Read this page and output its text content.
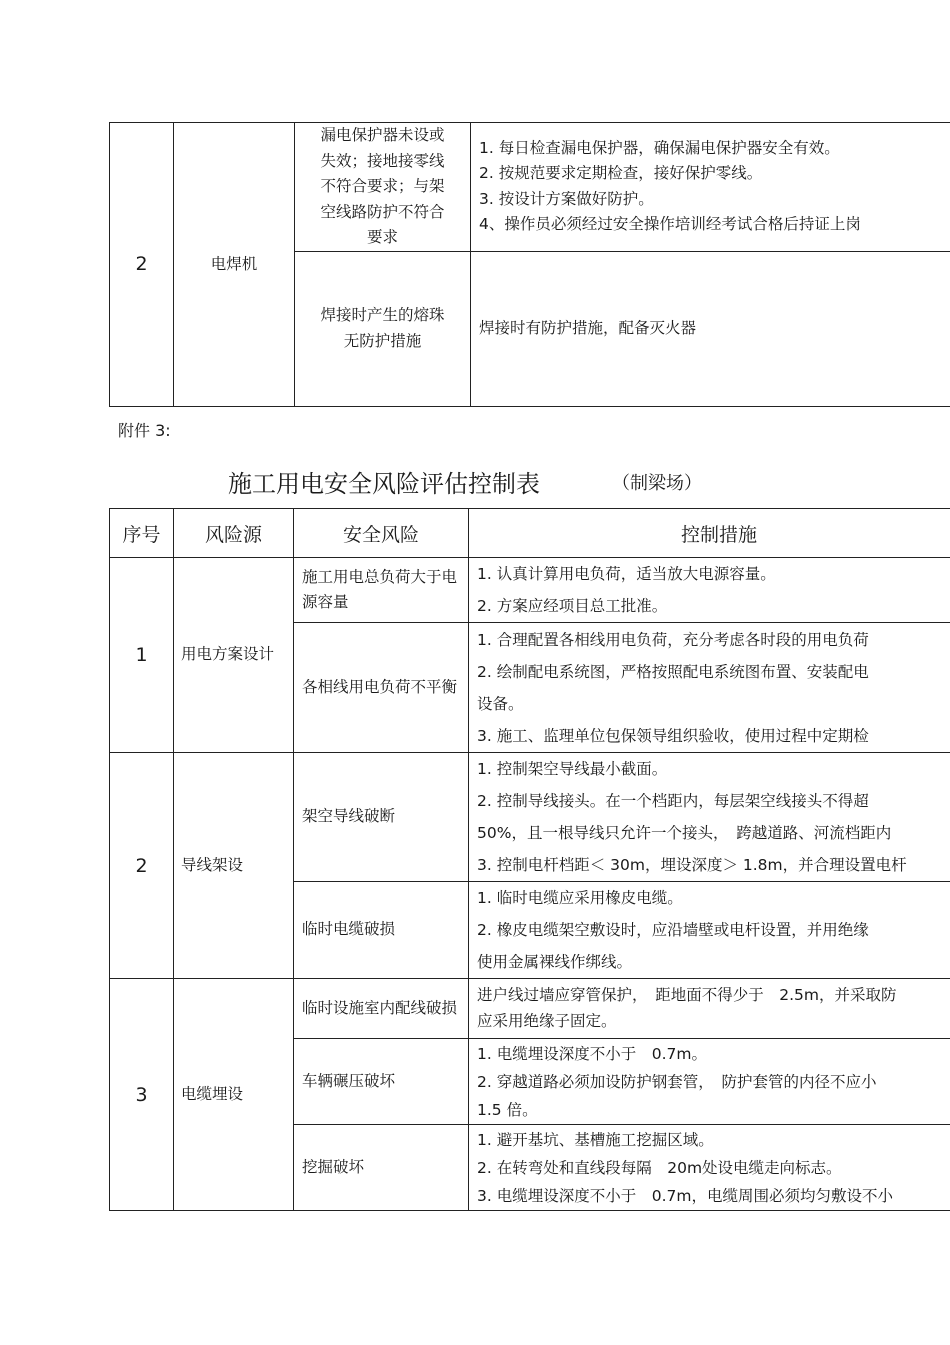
2	电焊机	漏电保护器未设或
失效；接地接零线
不符合要求；与架
空线路防护不符合
要求	1. 每日检查漏电保护器，确保漏电保护器安全有效。
2. 按规范要求定期检查，接好保护零线。
3. 按设计方案做好防护。
4、操作员必须经过安全操作培训经考试合格后持证上岗

		焊接时产生的熔珠
无防护措施	焊接时有防护措施，配备灭火器
附件 3:
施工用电安全风险评估控制表	（制梁场）
序号	风险源	安全风险	控制措施
1	用电方案设计	施工用电总负荷大于电源容量	1. 认真计算用电负荷，适当放大电源容量。
2. 方案应经项目总工批准。

		各相线用电负荷不平衡	1. 合理配置各相线用电负荷，充分考虑各时段的用电负荷
2. 绘制配电系统图，严格按照配电系统图布置、安装配电
设备。
3. 施工、监理单位包保领导组织验收，使用过程中定期检

2	导线架设	架空导线破断	1. 控制架空导线最小截面。
2. 控制导线接头。在一个档距内，每层架空线接头不得超
50%，且一根导线只允许一个接头，　跨越道路、河流档距内
3. 控制电杆档距＜ 30m，埋设深度＞ 1.8m，并合理设置电杆

		临时电缆破损	1. 临时电缆应采用橡皮电缆。
2. 橡皮电缆架空敷设时，应沿墙壁或电杆设置，并用绝缘
使用金属裸线作绑线。

3	电缆埋设	临时设施室内配线破损	进户线过墙应穿管保护，　距地面不得少于　2.5m，并采取防
应采用绝缘子固定。

		车辆碾压破坏	1. 电缆埋设深度不小于　0.7m。
2. 穿越道路必须加设防护钢套管，　防护套管的内径不应小
1.5 倍。

		挖掘破坏	1. 避开基坑、基槽施工挖掘区域。
2. 在转弯处和直线段每隔　20m处设电缆走向标志。
3. 电缆埋设深度不小于　0.7m，电缆周围必须均匀敷设不小
